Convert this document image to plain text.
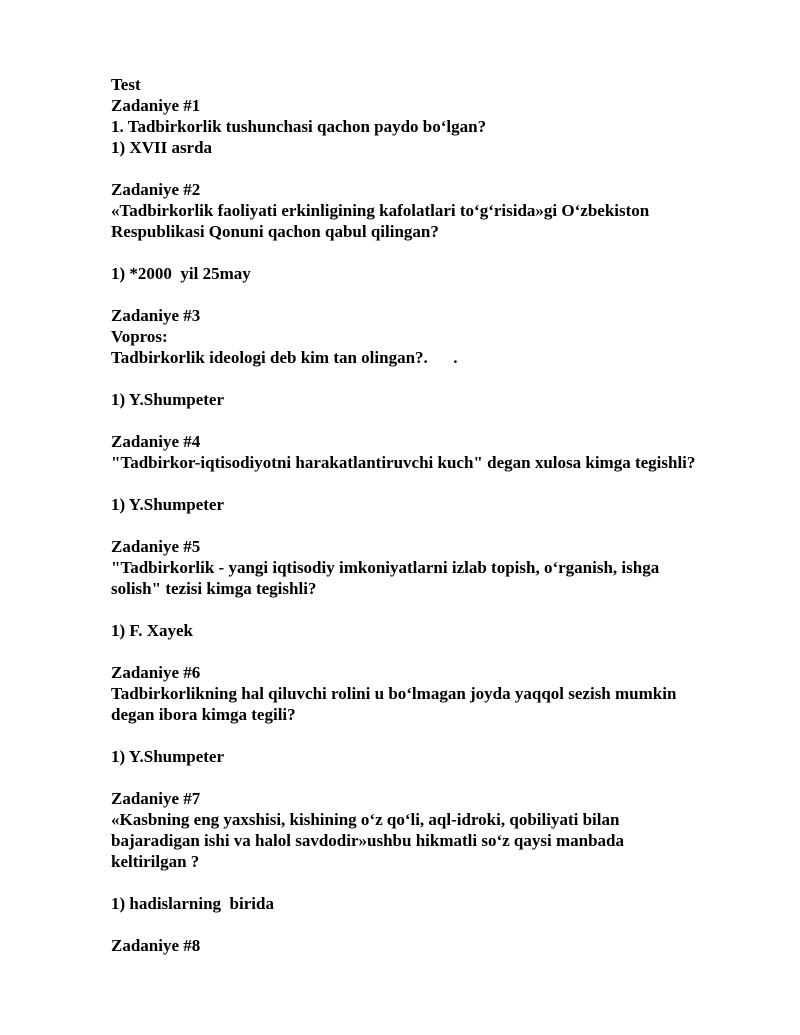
Test
Zadaniye #1
1. Tadbirkorlik tushunchasi qachon paydo bo‘lgan?
1) XVII asrda
Zadaniye #2
«Tadbirkorlik faoliyati erkinligining kafolatlari to‘g‘risida»gi O‘zbekiston
Respublikasi Qonuni qachon qabul qilingan?
1) *2000  yil 25may
Zadaniye #3
Vopros:
Tadbirkorlik ideologi deb kim tan olingan?.      .
1) Y.Shumpeter
Zadaniye #4
"Tadbirkor-iqtisodiyotni harakatlantiruvchi kuch" degan xulosa kimga tegishli?
1) Y.Shumpeter
Zadaniye #5
"Tadbirkorlik - yangi iqtisodiy imkoniyatlarni izlab topish, o‘rganish, ishga
solish" tezisi kimga tegishli?
1) F. Xayek
Zadaniye #6
Tadbirkorlikning hal qiluvchi rolini u bo‘lmagan joyda yaqqol sezish mumkin
degan ibora kimga tegili?
1) Y.Shumpeter
Zadaniye #7
«Kasbning eng yaxshisi, kishining o‘z qo‘li, aql-idroki, qobiliyati bilan
bajaradigan ishi va halol savdodir»ushbu hikmatli so‘z qaysi manbada
keltirilgan ?
1) hadislarning  birida
Zadaniye #8
